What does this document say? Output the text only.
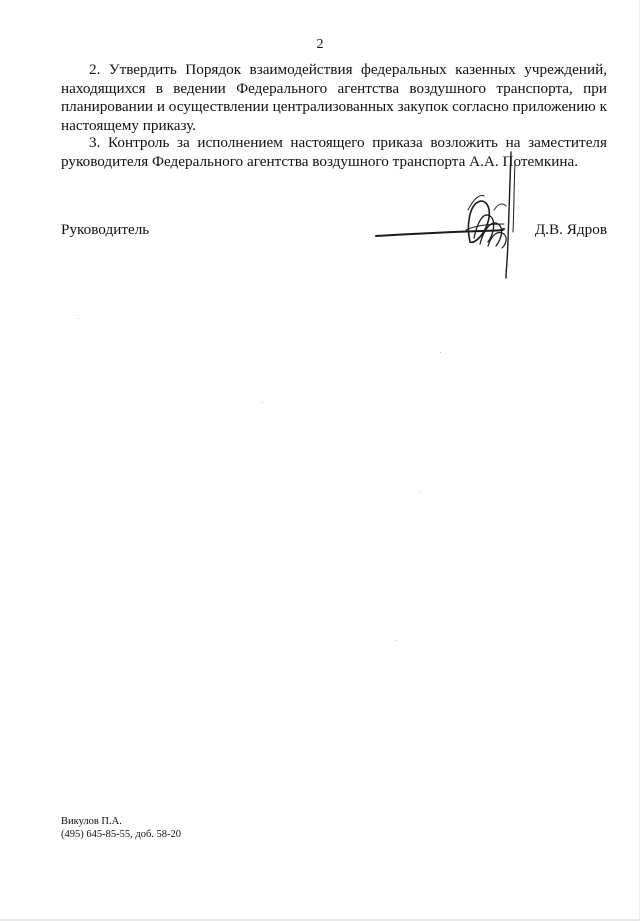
2

2. Утвердить Порядок взаимодействия федеральных казенных учреждений, находящихся в ведении Федерального агентства воздушного транспорта, при планировании и осуществлении централизованных закупок согласно приложению к настоящему приказу.

3. Контроль за исполнением настоящего приказа возложить на заместителя руководителя Федерального агентства воздушного транспорта А.А. Потемкина.

Руководитель	Д.В. Ядров
Викулов П.А.
(495) 645-85-55, доб. 58-20
